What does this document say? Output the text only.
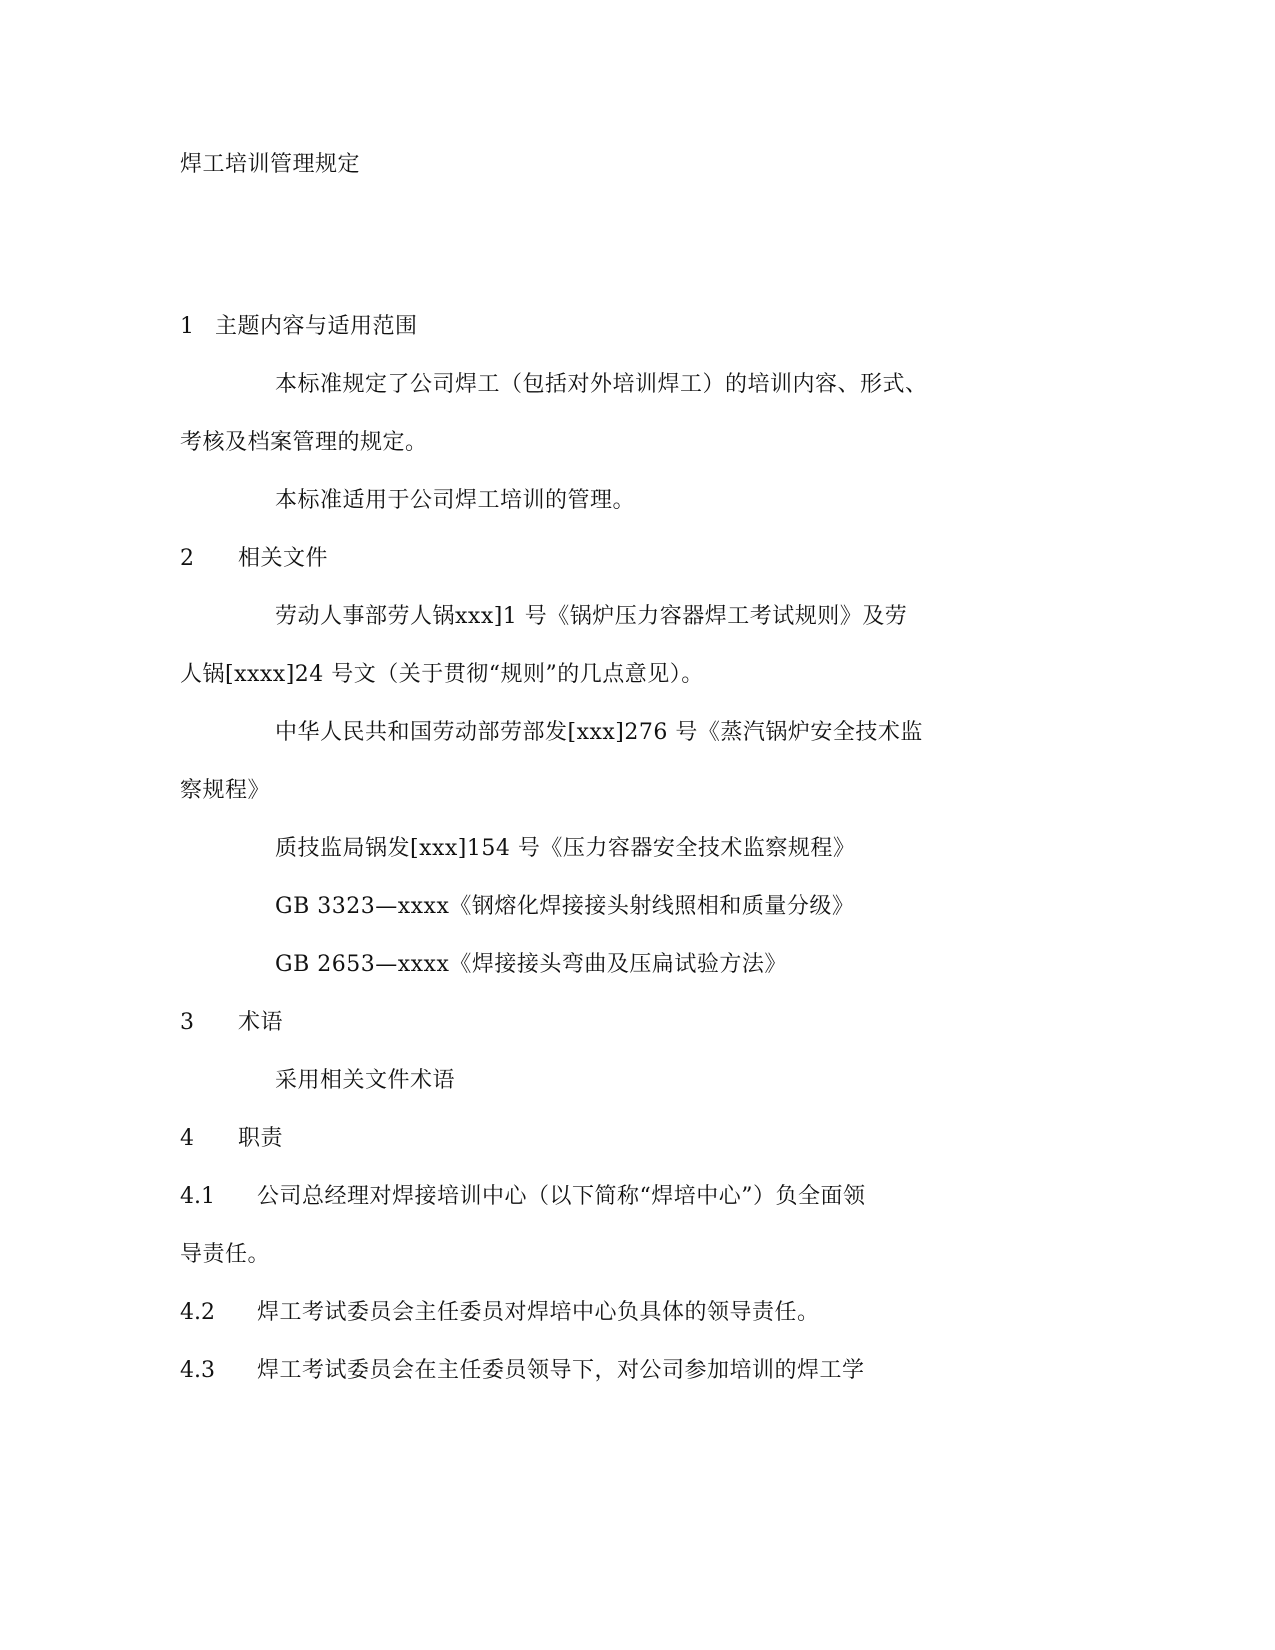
焊工培训管理规定
1 主题内容与适用范围
本标准规定了公司焊工（包括对外培训焊工）的培训内容、形式、
考核及档案管理的规定。
本标准适用于公司焊工培训的管理。
2 相关文件
劳动人事部劳人锅xxx]1 号《锅炉压力容器焊工考试规则》及劳
人锅[xxxx]24 号文（关于贯彻“规则”的几点意见）。
中华人民共和国劳动部劳部发[xxx]276 号《蒸汽锅炉安全技术监
察规程》
质技监局锅发[xxx]154 号《压力容器安全技术监察规程》
GB 3323—xxxx《钢熔化焊接接头射线照相和质量分级》
GB 2653—xxxx《焊接接头弯曲及压扁试验方法》
3 术语
采用相关文件术语
4 职责
4.1 公司总经理对焊接培训中心（以下简称“焊培中心”）负全面领
导责任。
4.2 焊工考试委员会主任委员对焊培中心负具体的领导责任。
4.3 焊工考试委员会在主任委员领导下，对公司参加培训的焊工学
